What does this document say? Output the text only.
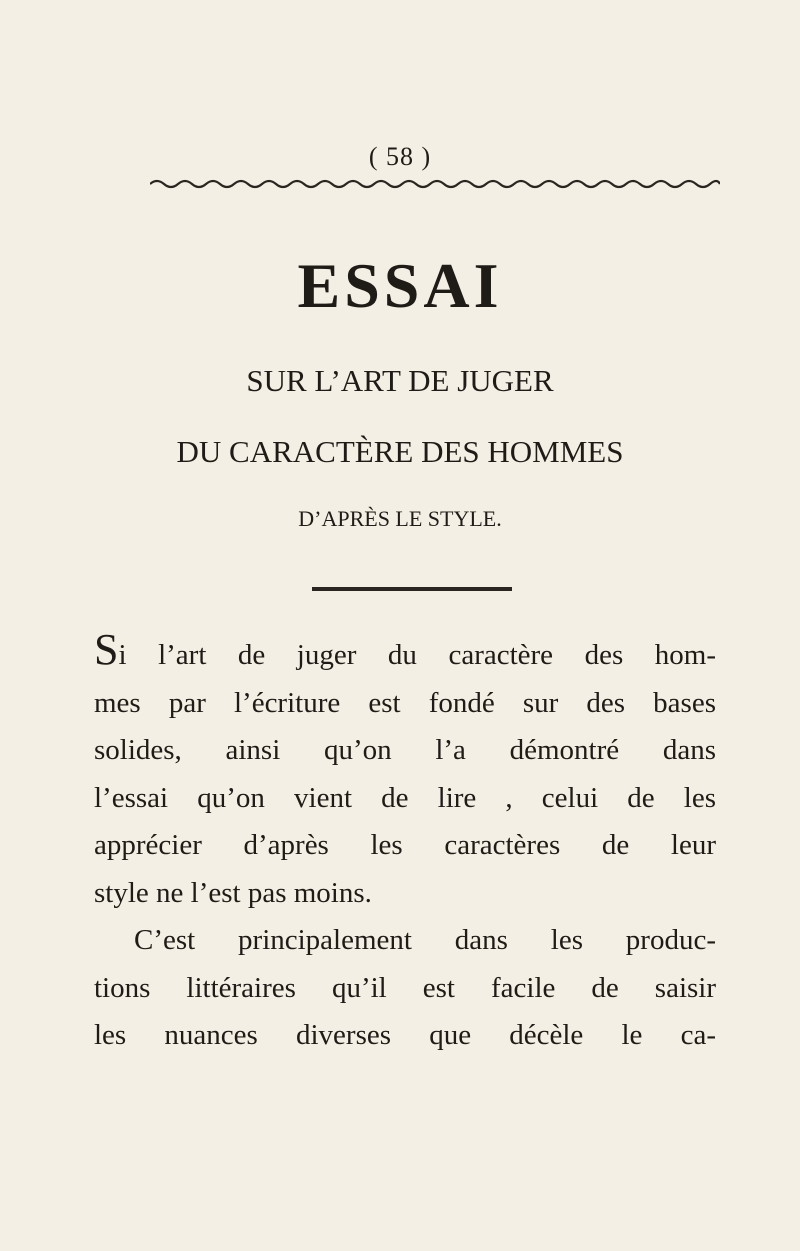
( 58 )
ESSAI
SUR L’ART DE JUGER
DU CARACTÈRE DES HOMMES
D’APRÈS LE STYLE.
Si l’art de juger du caractère des hom-
mes par l’écriture est fondé sur des bases
solides, ainsi qu’on l’a démontré dans
l’essai qu’on vient de lire , celui de les
apprécier d’après les caractères de leur
style ne l’est pas moins.
C’est principalement dans les produc-
tions littéraires qu’il est facile de saisir
les nuances diverses que décèle le ca-
